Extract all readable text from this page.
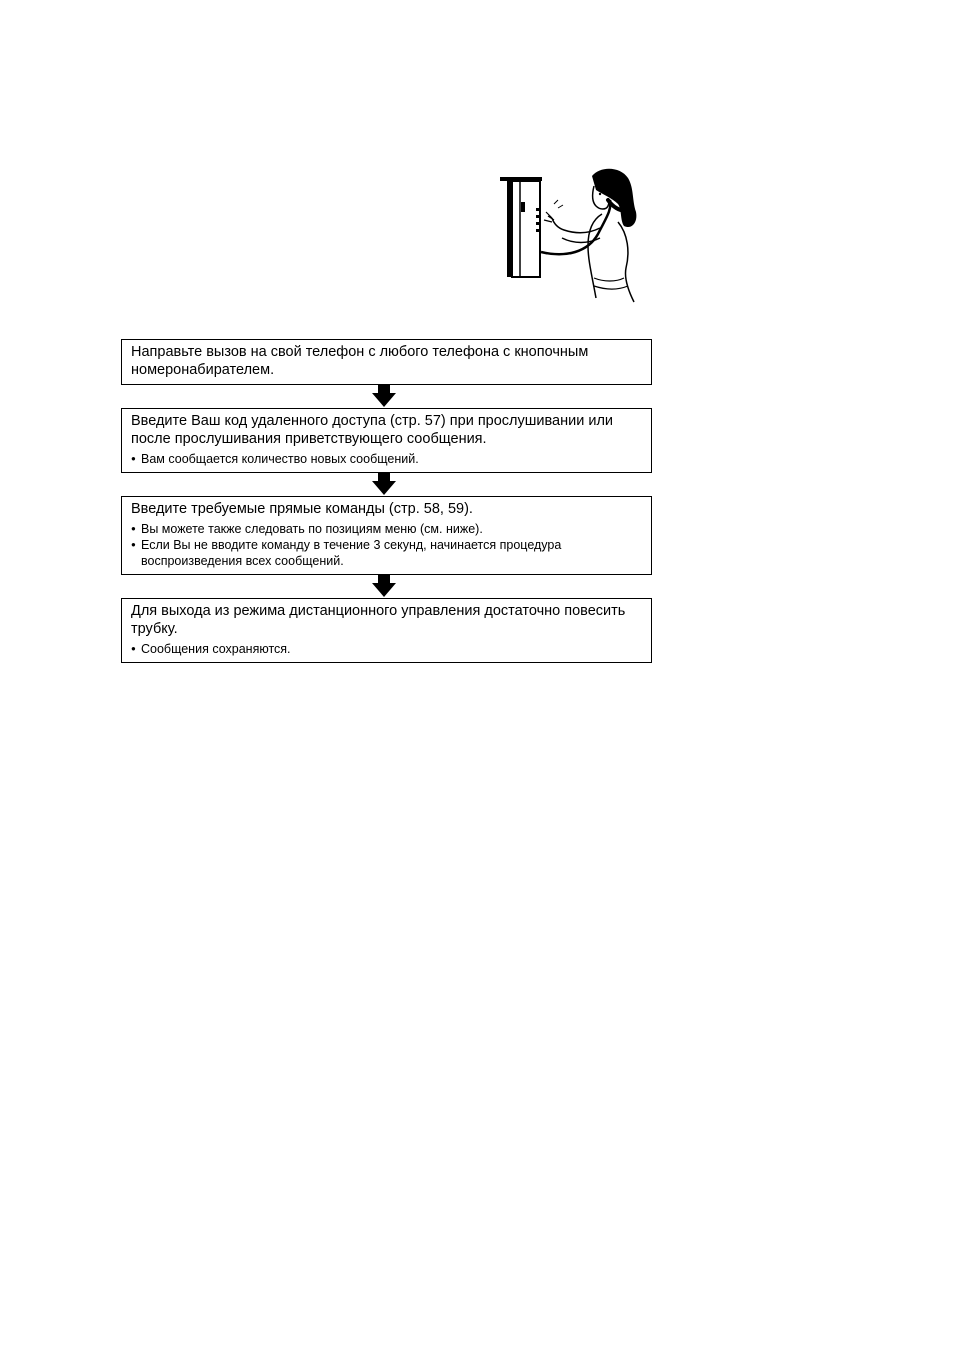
Направьте вызов на свой телефон с любого телефона с кнопочным номеронабирателем.

Введите Ваш код удаленного доступа (стр. 57) при прослушивании или после прослушивания приветствующего сообщения.

● Вам сообщается количество новых сообщений.

Введите требуемые прямые команды (стр. 58, 59).

● Вы можете также следовать по позициям меню (см. ниже).
● Если Вы не вводите команду в течение 3 секунд, начинается процедура воспроизведения всех сообщений.

Для выхода из режима дистанционного управления достаточно повесить трубку.

● Сообщения сохраняются.
